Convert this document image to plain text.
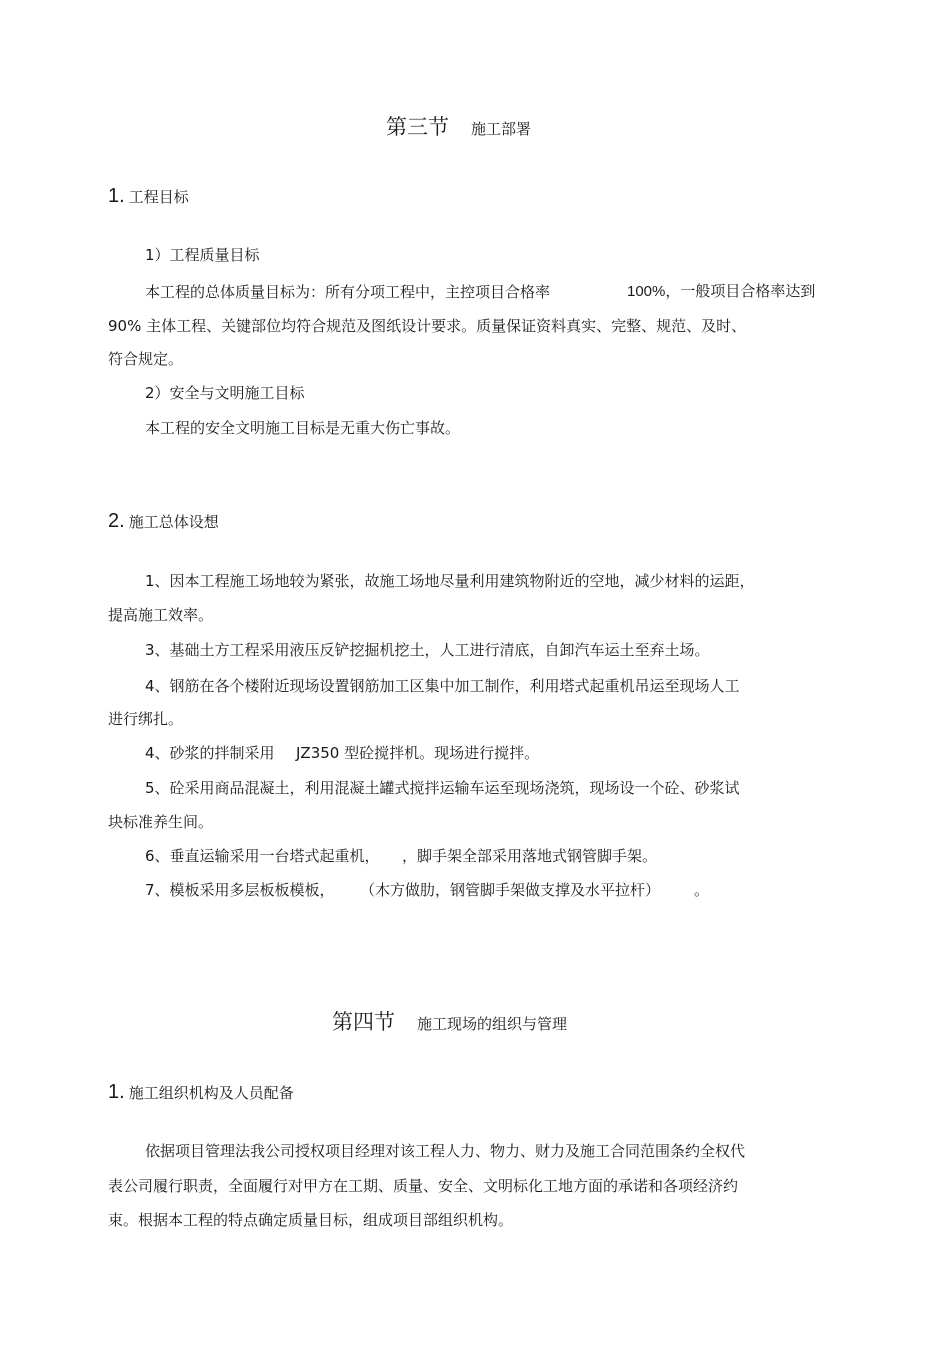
第三节 施工部署
1. 工程目标
1）工程质量目标
本工程的总体质量目标为：所有分项工程中，主控项目合格率	100%，一般项目合格率达到
90% 主体工程、关键部位均符合规范及图纸设计要求。质量保证资料真实、完整、规范、及时、
符合规定。
2）安全与文明施工目标
本工程的安全文明施工目标是无重大伤亡事故。
2. 施工总体设想
1、因本工程施工场地较为紧张，故施工场地尽量利用建筑物附近的空地，减少材料的运距，
提高施工效率。
3、基础土方工程采用液压反铲挖掘机挖土，人工进行清底，自卸汽车运土至弃土场。
4、钢筋在各个楼附近现场设置钢筋加工区集中加工制作，利用塔式起重机吊运至现场人工
进行绑扎。
4、砂浆的拌制采用 JZ350 型砼搅拌机。现场进行搅拌。
5、砼采用商品混凝土，利用混凝土罐式搅拌运输车运至现场浇筑，现场设一个砼、砂浆试
块标准养生间。
6、垂直运输采用一台塔式起重机， ，脚手架全部采用落地式钢管脚手架。
7、模板采用多层板板模板， （木方做肋，钢管脚手架做支撑及水平拉杆） 。
第四节 施工现场的组织与管理
1. 施工组织机构及人员配备
依据项目管理法我公司授权项目经理对该工程人力、物力、财力及施工合同范围条约全权代
表公司履行职责，全面履行对甲方在工期、质量、安全、文明标化工地方面的承诺和各项经济约
束。根据本工程的特点确定质量目标，组成项目部组织机构。
